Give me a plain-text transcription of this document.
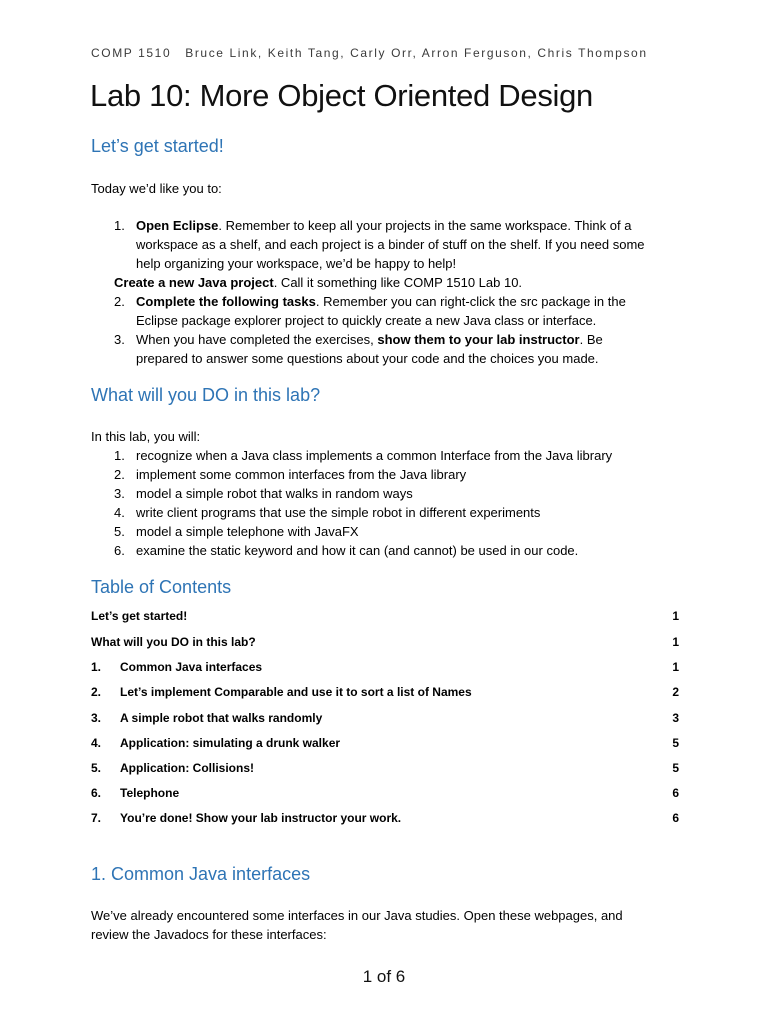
COMP 1510 Bruce Link, Keith Tang, Carly Orr, Arron Ferguson, Chris Thompson
Lab 10: More Object Oriented Design
Let’s get started!
Today we’d like you to:
1. Open Eclipse. Remember to keep all your projects in the same workspace. Think of a
workspace as a shelf, and each project is a binder of stuff on the shelf. If you need some
help organizing your workspace, we’d be happy to help!
Create a new Java project. Call it something like COMP 1510 Lab 10.
2. Complete the following tasks. Remember you can right-click the src package in the
Eclipse package explorer project to quickly create a new Java class or interface.
3. When you have completed the exercises, show them to your lab instructor. Be
prepared to answer some questions about your code and the choices you made.
What will you DO in this lab?
In this lab, you will:
1. recognize when a Java class implements a common Interface from the Java library
2. implement some common interfaces from the Java library
3. model a simple robot that walks in random ways
4. write client programs that use the simple robot in different experiments
5. model a simple telephone with JavaFX
6. examine the static keyword and how it can (and cannot) be used in our code.
Table of Contents
Let’s get started!	1
What will you DO in this lab?	1
1. Common Java interfaces	1
2. Let’s implement Comparable and use it to sort a list of Names	2
3. A simple robot that walks randomly	3
4. Application: simulating a drunk walker	5
5. Application: Collisions!	5
6. Telephone	6
7. You’re done! Show your lab instructor your work.	6
1. Common Java interfaces
We’ve already encountered some interfaces in our Java studies. Open these webpages, and
review the Javadocs for these interfaces:
1 of 6
